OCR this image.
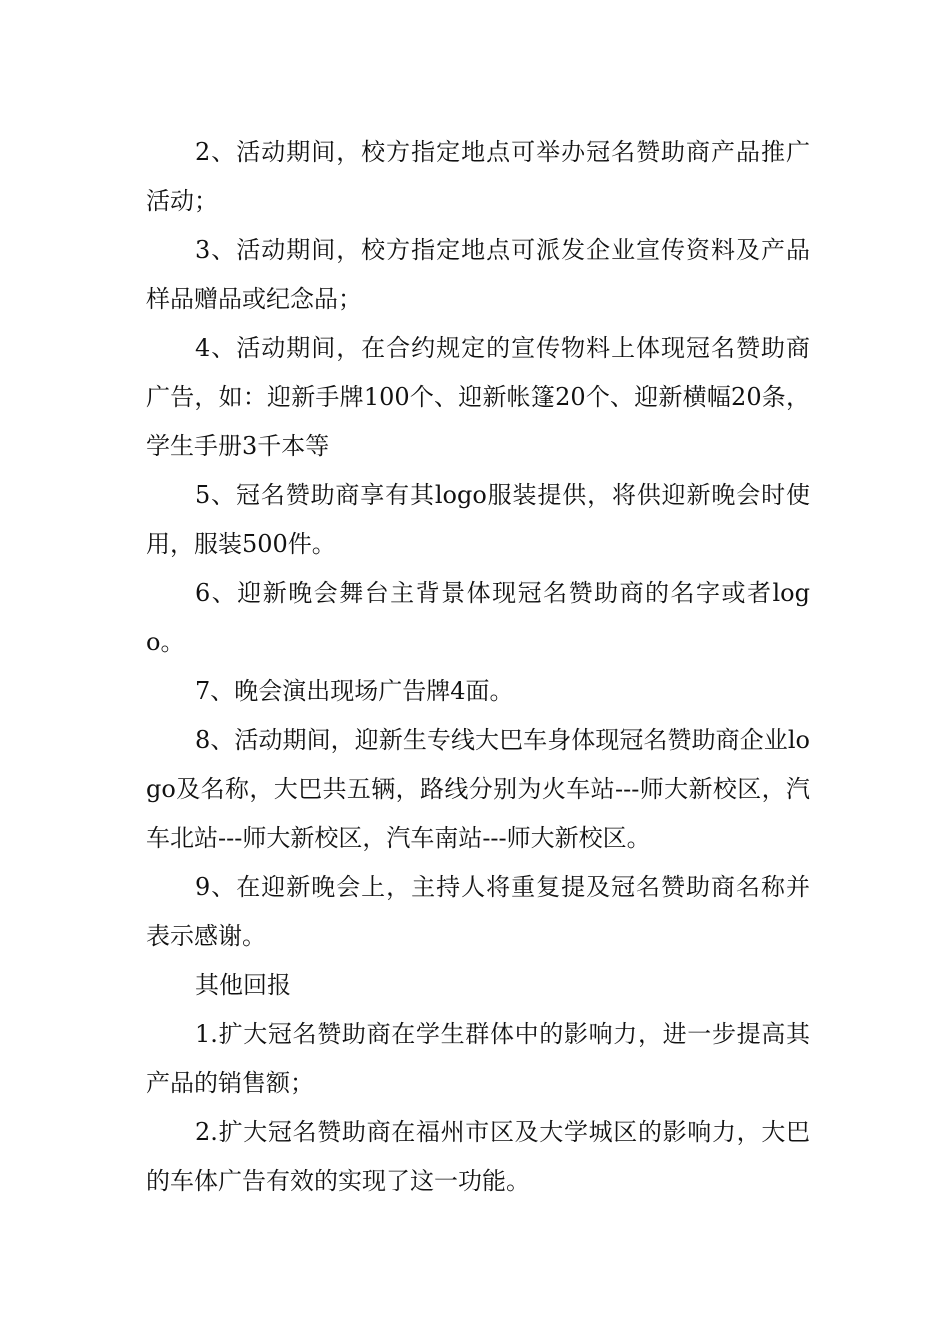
2、活动期间，校方指定地点可举办冠名赞助商产品推广活动；

3、活动期间，校方指定地点可派发企业宣传资料及产品样品赠品或纪念品；

4、活动期间，在合约规定的宣传物料上体现冠名赞助商广告，如：迎新手牌100个、迎新帐篷20个、迎新横幅20条，学生手册3千本等

5、冠名赞助商享有其logo服装提供，将供迎新晚会时使用，服装500件。

6、迎新晚会舞台主背景体现冠名赞助商的名字或者logo。

7、晚会演出现场广告牌4面。

8、活动期间，迎新生专线大巴车身体现冠名赞助商企业logo及名称，大巴共五辆，路线分别为火车站---师大新校区，汽车北站---师大新校区，汽车南站---师大新校区。

9、在迎新晚会上，主持人将重复提及冠名赞助商名称并表示感谢。

其他回报

1.扩大冠名赞助商在学生群体中的影响力，进一步提高其产品的销售额；

2.扩大冠名赞助商在福州市区及大学城区的影响力，大巴的车体广告有效的实现了这一功能。
